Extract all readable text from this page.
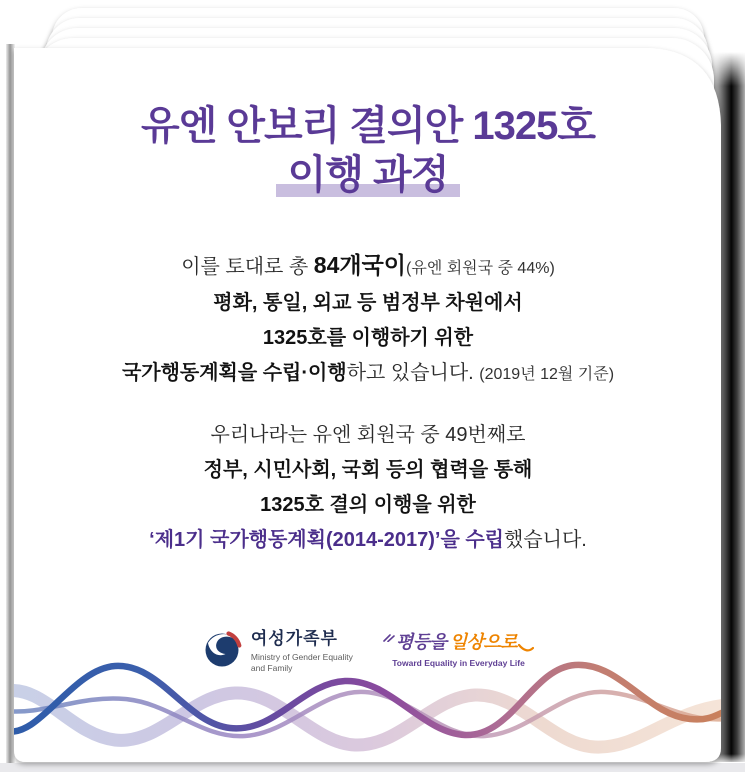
유엔 안보리 결의안 1325호
이행 과정

이를 토대로 총 84개국이(유엔 회원국 중 44%)
평화, 통일, 외교 등 범정부 차원에서
1325호를 이행하기 위한
국가행동계획을 수립·이행하고 있습니다. (2019년 12월 기준)

우리나라는 유엔 회원국 중 49번째로
정부, 시민사회, 국회 등의 협력을 통해
1325호 결의 이행을 위한
‘제1기 국가행동계획(2014-2017)’을 수립했습니다.

여성가족부
Ministry of Gender Equality
and Family
평등을 일상으로
Toward Equality in Everyday Life
